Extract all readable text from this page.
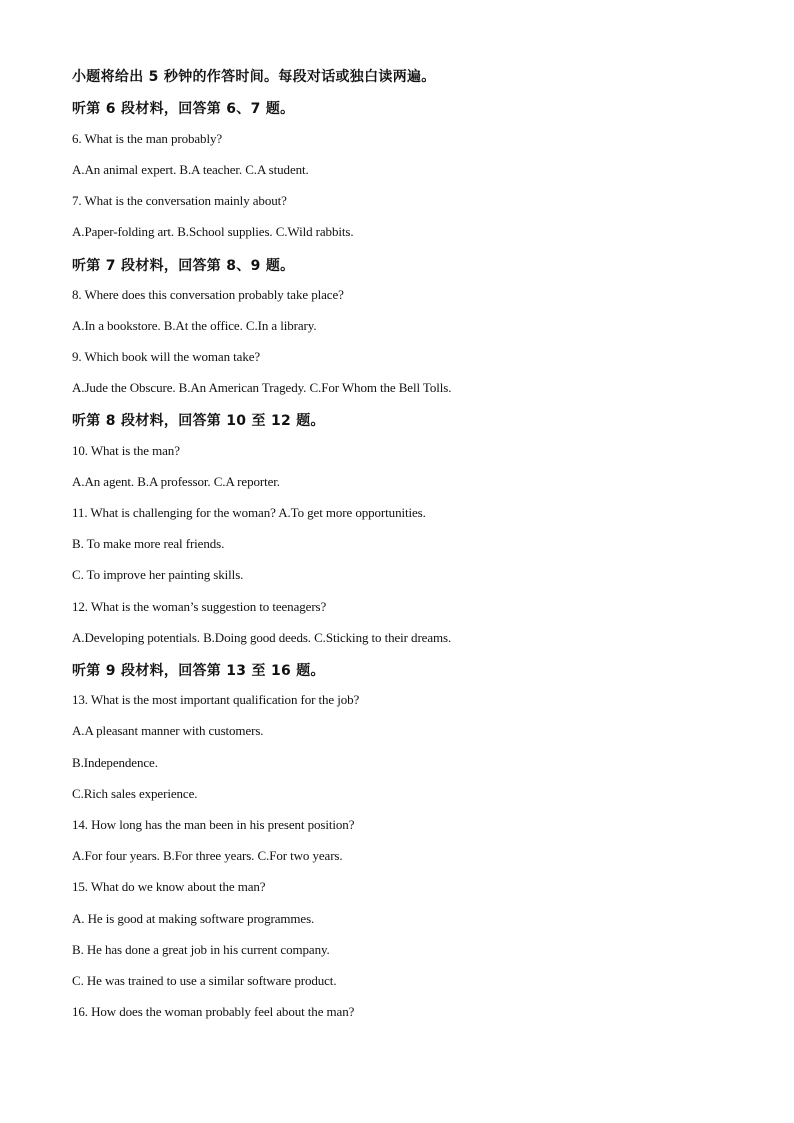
小题将给出 5 秒钟的作答时间。每段对话或独白读两遍。
听第 6 段材料，回答第 6、7 题。
6. What is the man probably?
A.An animal expert. B.A teacher. C.A student.
7. What is the conversation mainly about?
A.Paper-folding art. B.School supplies. C.Wild rabbits.
听第 7 段材料，回答第 8、9 题。
8. Where does this conversation probably take place?
A.In a bookstore. B.At the office. C.In a library.
9. Which book will the woman take?
A.Jude the Obscure. B.An American Tragedy. C.For Whom the Bell Tolls.
听第 8 段材料，回答第 10 至 12 题。
10. What is the man?
A.An agent. B.A professor. C.A reporter.
11. What is challenging for the woman? A.To get more opportunities.
B. To make more real friends.
C. To improve her painting skills.
12. What is the woman’s suggestion to teenagers?
A.Developing potentials. B.Doing good deeds. C.Sticking to their dreams.
听第 9 段材料，回答第 13 至 16 题。
13. What is the most important qualification for the job?
A.A pleasant manner with customers.
B.Independence.
C.Rich sales experience.
14. How long has the man been in his present position?
A.For four years. B.For three years. C.For two years.
15. What do we know about the man?
A. He is good at making software programmes.
B. He has done a great job in his current company.
C. He was trained to use a similar software product.
16. How does the woman probably feel about the man?
